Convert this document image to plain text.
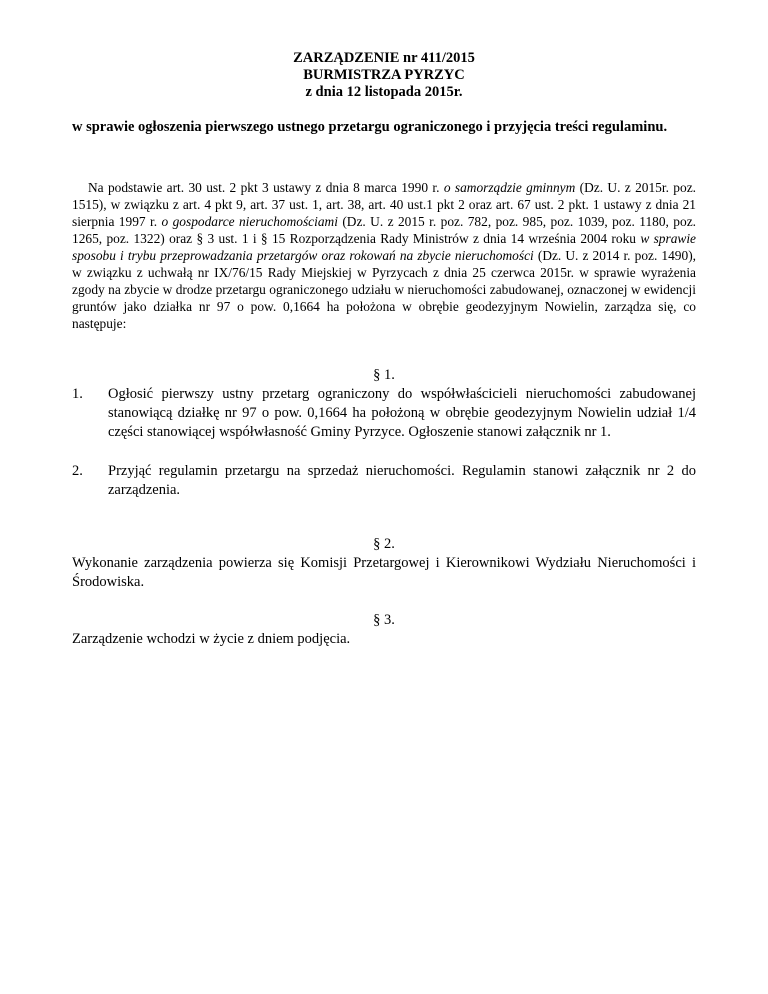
ZARZĄDZENIE nr 411/2015
BURMISTRZA PYRZYC
z dnia 12 listopada 2015r.
w sprawie ogłoszenia pierwszego ustnego przetargu ograniczonego i przyjęcia treści regulaminu.
Na podstawie art. 30 ust. 2 pkt 3 ustawy z dnia 8 marca 1990 r. o samorządzie gminnym (Dz. U. z 2015r. poz. 1515), w związku z art. 4 pkt 9, art. 37 ust. 1, art. 38, art. 40 ust.1 pkt 2 oraz art. 67 ust. 2 pkt. 1 ustawy z dnia 21 sierpnia 1997 r. o gospodarce nieruchomościami (Dz. U. z 2015 r. poz. 782, poz. 985, poz. 1039, poz. 1180, poz. 1265, poz. 1322) oraz § 3 ust. 1 i § 15 Rozporządzenia Rady Ministrów z dnia 14 września 2004 roku w sprawie sposobu i trybu przeprowadzania przetargów oraz rokowań na zbycie nieruchomości (Dz. U. z 2014 r. poz. 1490), w związku z uchwałą nr IX/76/15 Rady Miejskiej w Pyrzycach z dnia 25 czerwca 2015r. w sprawie wyrażenia zgody na zbycie w drodze przetargu ograniczonego udziału w nieruchomości zabudowanej, oznaczonej w ewidencji gruntów jako działka nr 97 o pow. 0,1664 ha położona w obrębie geodezyjnym Nowielin, zarządza się, co następuje:
§ 1.
1. Ogłosić pierwszy ustny przetarg ograniczony do współwłaścicieli nieruchomości zabudowanej stanowiącą działkę nr 97 o pow. 0,1664 ha położoną w obrębie geodezyjnym Nowielin udział 1/4 części stanowiącej współwłasność Gminy Pyrzyce. Ogłoszenie stanowi załącznik nr 1.
2. Przyjąć regulamin przetargu na sprzedaż nieruchomości. Regulamin stanowi załącznik nr 2 do zarządzenia.
§ 2.
Wykonanie zarządzenia powierza się Komisji Przetargowej i Kierownikowi Wydziału Nieruchomości i Środowiska.
§ 3.
Zarządzenie wchodzi w życie z dniem podjęcia.
